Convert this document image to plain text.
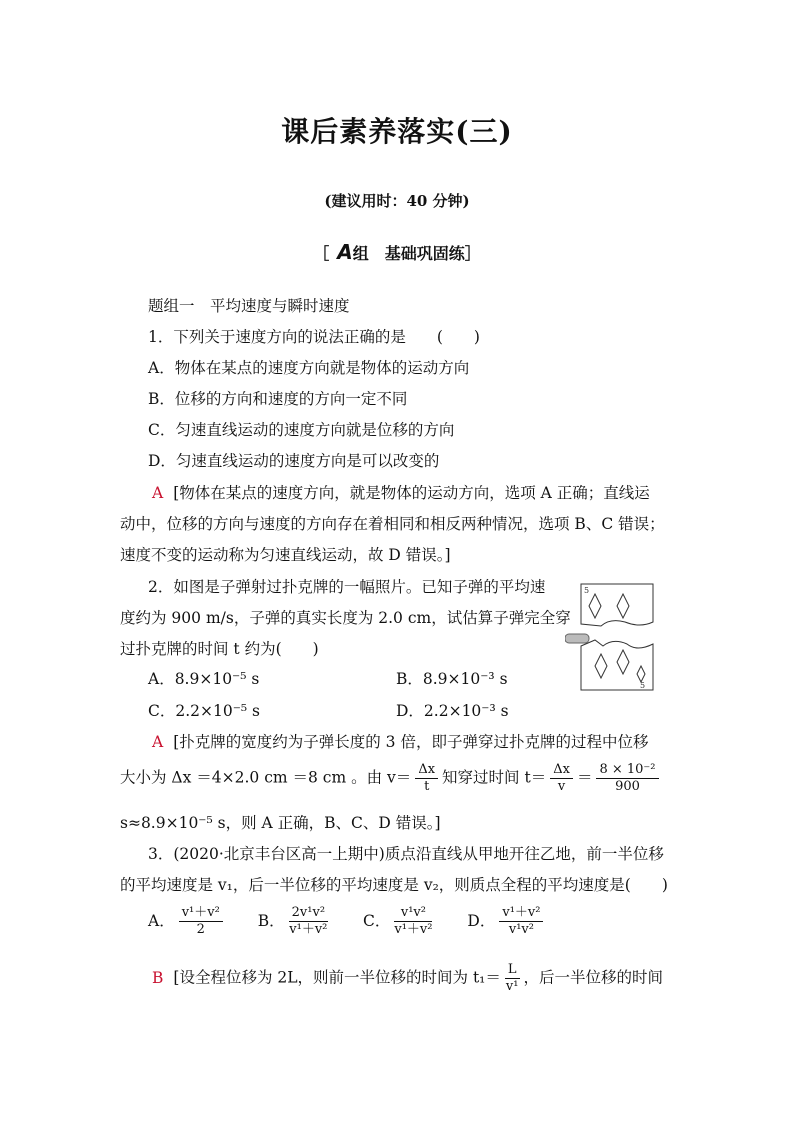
课后素养落实(三)
(建议用时：40 分钟)
［ A组　基础巩固练］
题组一　平均速度与瞬时速度
1．下列关于速度方向的说法正确的是　　(　　)
A．物体在某点的速度方向就是物体的运动方向
B．位移的方向和速度的方向一定不同
C．匀速直线运动的速度方向就是位移的方向
D．匀速直线运动的速度方向是可以改变的
A [物体在某点的速度方向，就是物体的运动方向，选项 A 正确；直线运
动中，位移的方向与速度的方向存在着相同和相反两种情况，选项 B、C 错误；
速度不变的运动称为匀速直线运动，故 D 错误。]
2．如图是子弹射过扑克牌的一幅照片。已知子弹的平均速
度约为 900 m/s，子弹的真实长度为 2.0 cm，试估算子弹完全穿
过扑克牌的时间 t 约为(　　)
5
5
A．8.9×10⁻⁵ s	B．8.9×10⁻³ s
C．2.2×10⁻⁵ s	D．2.2×10⁻³ s
A [扑克牌的宽度约为子弹长度的 3 倍，即子弹穿过扑克牌的过程中位移
大小为 Δx ＝4×2.0 cm ＝8 cm 。由 $v= \frac{\Delta x}{t}$ 知穿过时间 $t= \frac{\Delta x}{v} = \frac{\text{8 × 10⁻²}}{900}$
s≈8.9×10⁻⁵ s，则 A 正确，B、C、D 错误。]
3．(2020·北京丰台区高一上期中)质点沿直线从甲地开往乙地，前一半位移
的平均速度是 v₁，后一半位移的平均速度是 v₂，则质点全程的平均速度是(　　)
A． $\frac{\text{v¹＋v²}}{2}$ B． $\frac{\text{2v¹v²}}{\text{v¹＋v²}}$ C． $\frac{\text{v¹v²}}{\text{v¹＋v²}}$ D． $\frac{\text{v¹＋v²}}{\text{v¹v²}}$
B [设全程位移为 2L，则前一半位移的时间为 $t_1= \frac{L}{\text{v¹}}$ ，后一半位移的时间
